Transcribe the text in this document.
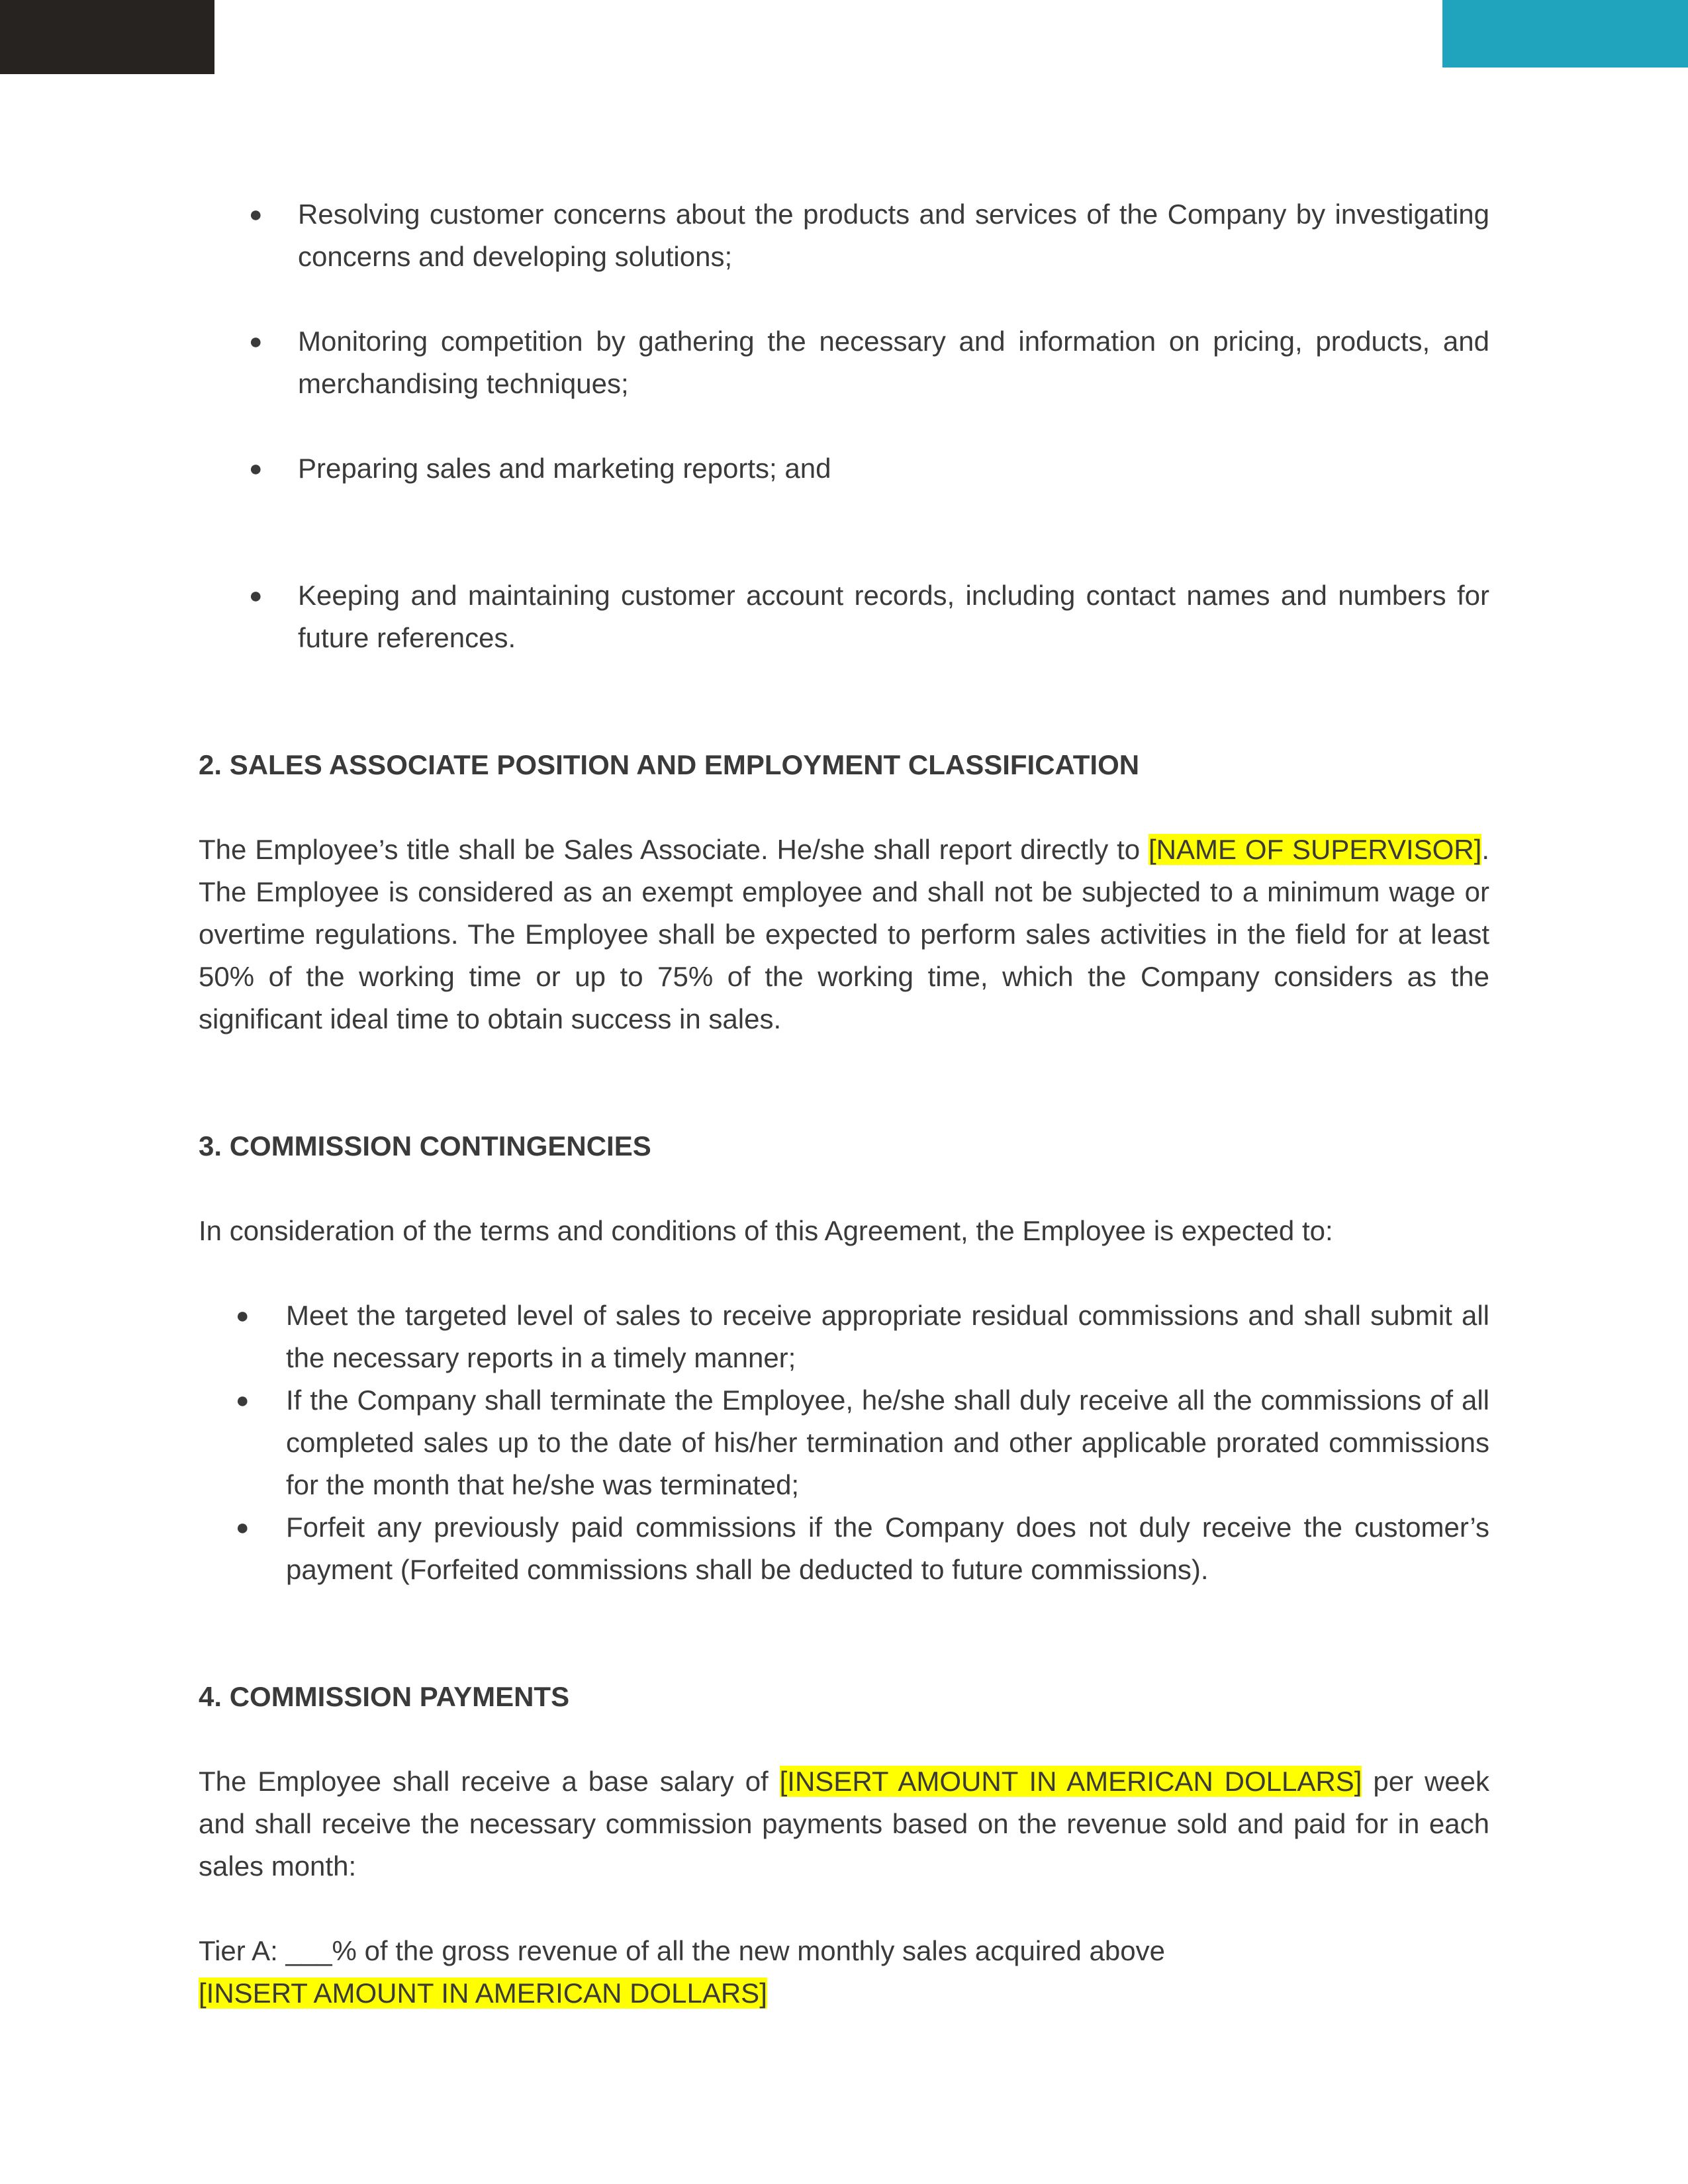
● Resolving customer concerns about the products and services of the Company by investigating concerns and developing solutions;
● Monitoring competition by gathering the necessary and information on pricing, products, and merchandising techniques;
● Preparing sales and marketing reports; and
● Keeping and maintaining customer account records, including contact names and numbers for future references.

2. SALES ASSOCIATE POSITION AND EMPLOYMENT CLASSIFICATION

The Employee’s title shall be Sales Associate. He/she shall report directly to [NAME OF SUPERVISOR]. The Employee is considered as an exempt employee and shall not be subjected to a minimum wage or overtime regulations. The Employee shall be expected to perform sales activities in the field for at least 50% of the working time or up to 75% of the working time, which the Company considers as the significant ideal time to obtain success in sales.

3. COMMISSION CONTINGENCIES

In consideration of the terms and conditions of this Agreement, the Employee is expected to:

● Meet the targeted level of sales to receive appropriate residual commissions and shall submit all the necessary reports in a timely manner;
● If the Company shall terminate the Employee, he/she shall duly receive all the commissions of all completed sales up to the date of his/her termination and other applicable prorated commissions for the month that he/she was terminated;
● Forfeit any previously paid commissions if the Company does not duly receive the customer’s payment (Forfeited commissions shall be deducted to future commissions).

4. COMMISSION PAYMENTS

The Employee shall receive a base salary of [INSERT AMOUNT IN AMERICAN DOLLARS] per week and shall receive the necessary commission payments based on the revenue sold and paid for in each sales month:

Tier A: ___% of the gross revenue of all the new monthly sales acquired above

[INSERT AMOUNT IN AMERICAN DOLLARS]
